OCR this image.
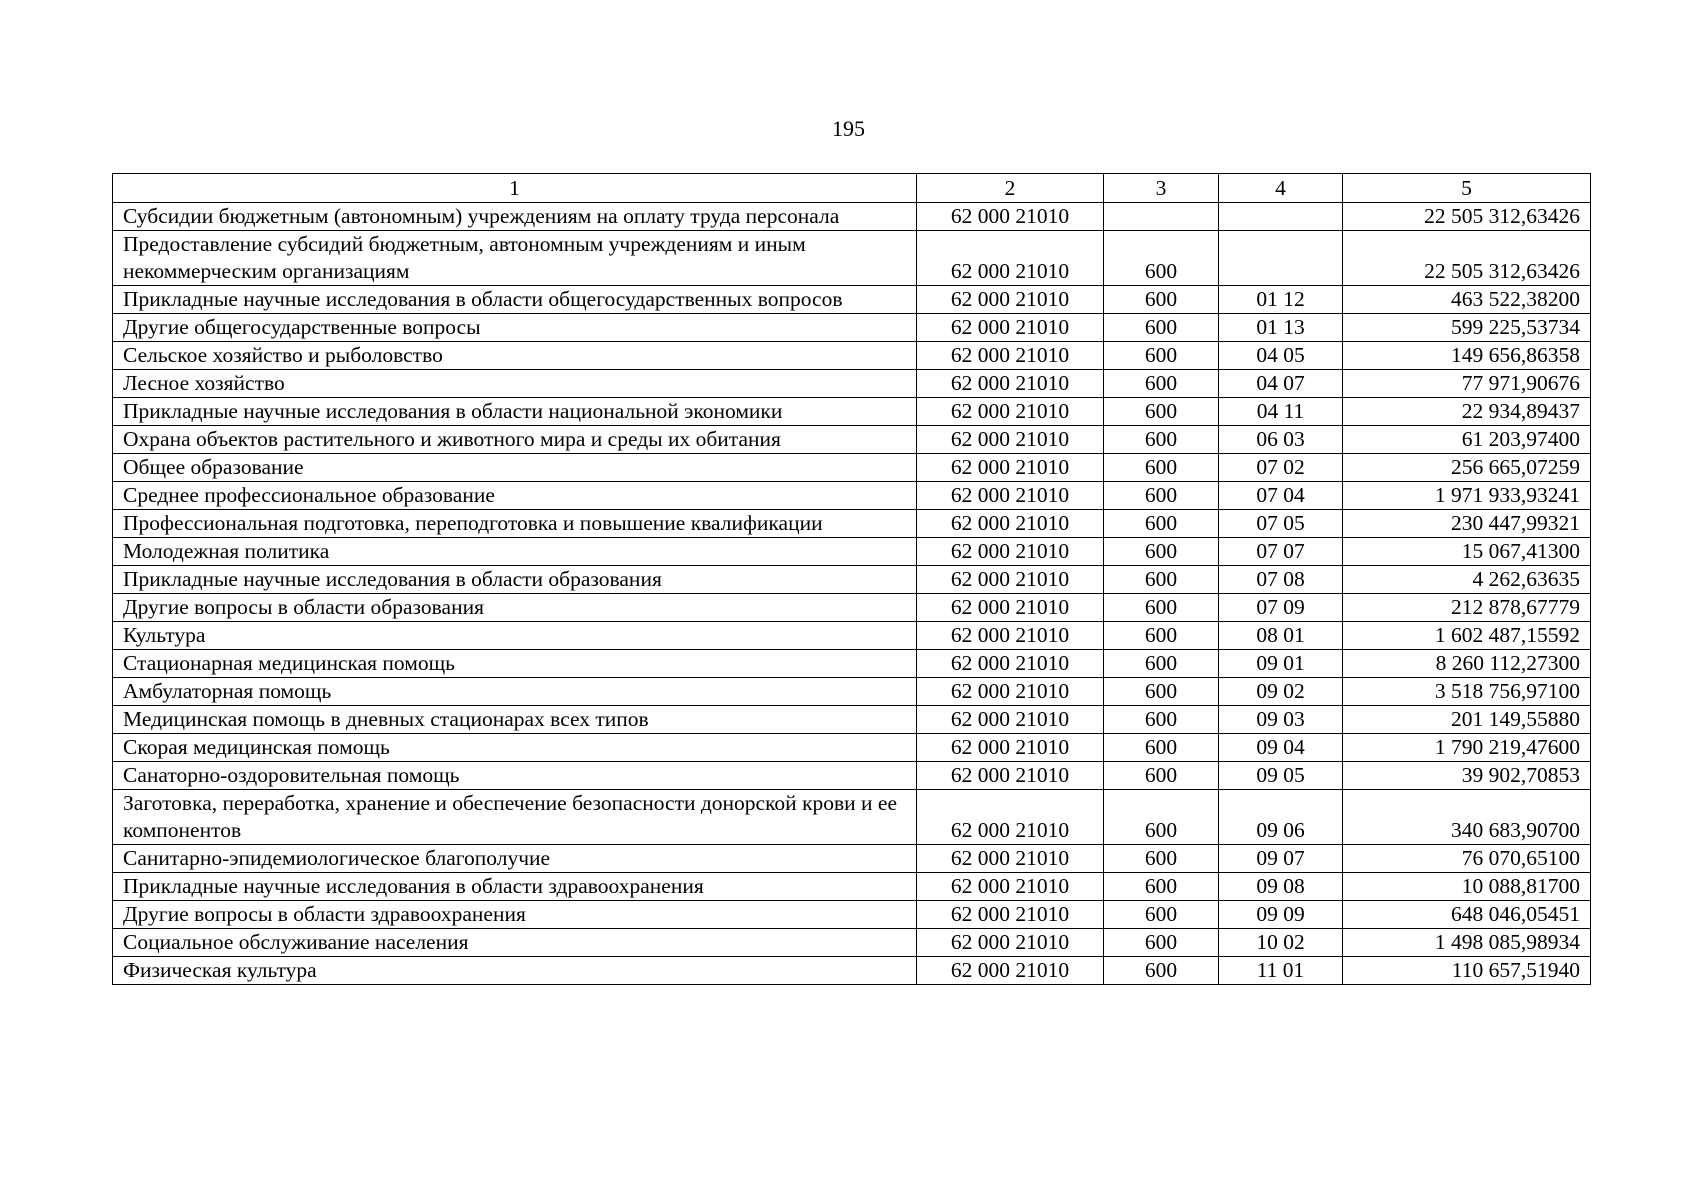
195
1	2	3	4	5
Субсидии бюджетным (автономным) учреждениям на оплату труда персонала	62 000 21010			22 505 312,63426
Предоставление субсидий бюджетным, автономным учреждениям и иным некоммерческим организациям	62 000 21010	600		22 505 312,63426
Прикладные научные исследования в области общегосударственных вопросов	62 000 21010	600	01 12	463 522,38200
Другие общегосударственные вопросы	62 000 21010	600	01 13	599 225,53734
Сельское хозяйство и рыболовство	62 000 21010	600	04 05	149 656,86358
Лесное хозяйство	62 000 21010	600	04 07	77 971,90676
Прикладные научные исследования в области национальной экономики	62 000 21010	600	04 11	22 934,89437
Охрана объектов растительного и животного мира и среды их обитания	62 000 21010	600	06 03	61 203,97400
Общее образование	62 000 21010	600	07 02	256 665,07259
Среднее профессиональное образование	62 000 21010	600	07 04	1 971 933,93241
Профессиональная подготовка, переподготовка и повышение квалификации	62 000 21010	600	07 05	230 447,99321
Молодежная политика	62 000 21010	600	07 07	15 067,41300
Прикладные научные исследования в области образования	62 000 21010	600	07 08	4 262,63635
Другие вопросы в области образования	62 000 21010	600	07 09	212 878,67779
Культура	62 000 21010	600	08 01	1 602 487,15592
Стационарная медицинская помощь	62 000 21010	600	09 01	8 260 112,27300
Амбулаторная помощь	62 000 21010	600	09 02	3 518 756,97100
Медицинская помощь в дневных стационарах всех типов	62 000 21010	600	09 03	201 149,55880
Скорая медицинская помощь	62 000 21010	600	09 04	1 790 219,47600
Санаторно-оздоровительная помощь	62 000 21010	600	09 05	39 902,70853
Заготовка, переработка, хранение и обеспечение безопасности донорской крови и ее компонентов	62 000 21010	600	09 06	340 683,90700
Санитарно-эпидемиологическое благополучие	62 000 21010	600	09 07	76 070,65100
Прикладные научные исследования в области здравоохранения	62 000 21010	600	09 08	10 088,81700
Другие вопросы в области здравоохранения	62 000 21010	600	09 09	648 046,05451
Социальное обслуживание населения	62 000 21010	600	10 02	1 498 085,98934
Физическая культура	62 000 21010	600	11 01	110 657,51940
